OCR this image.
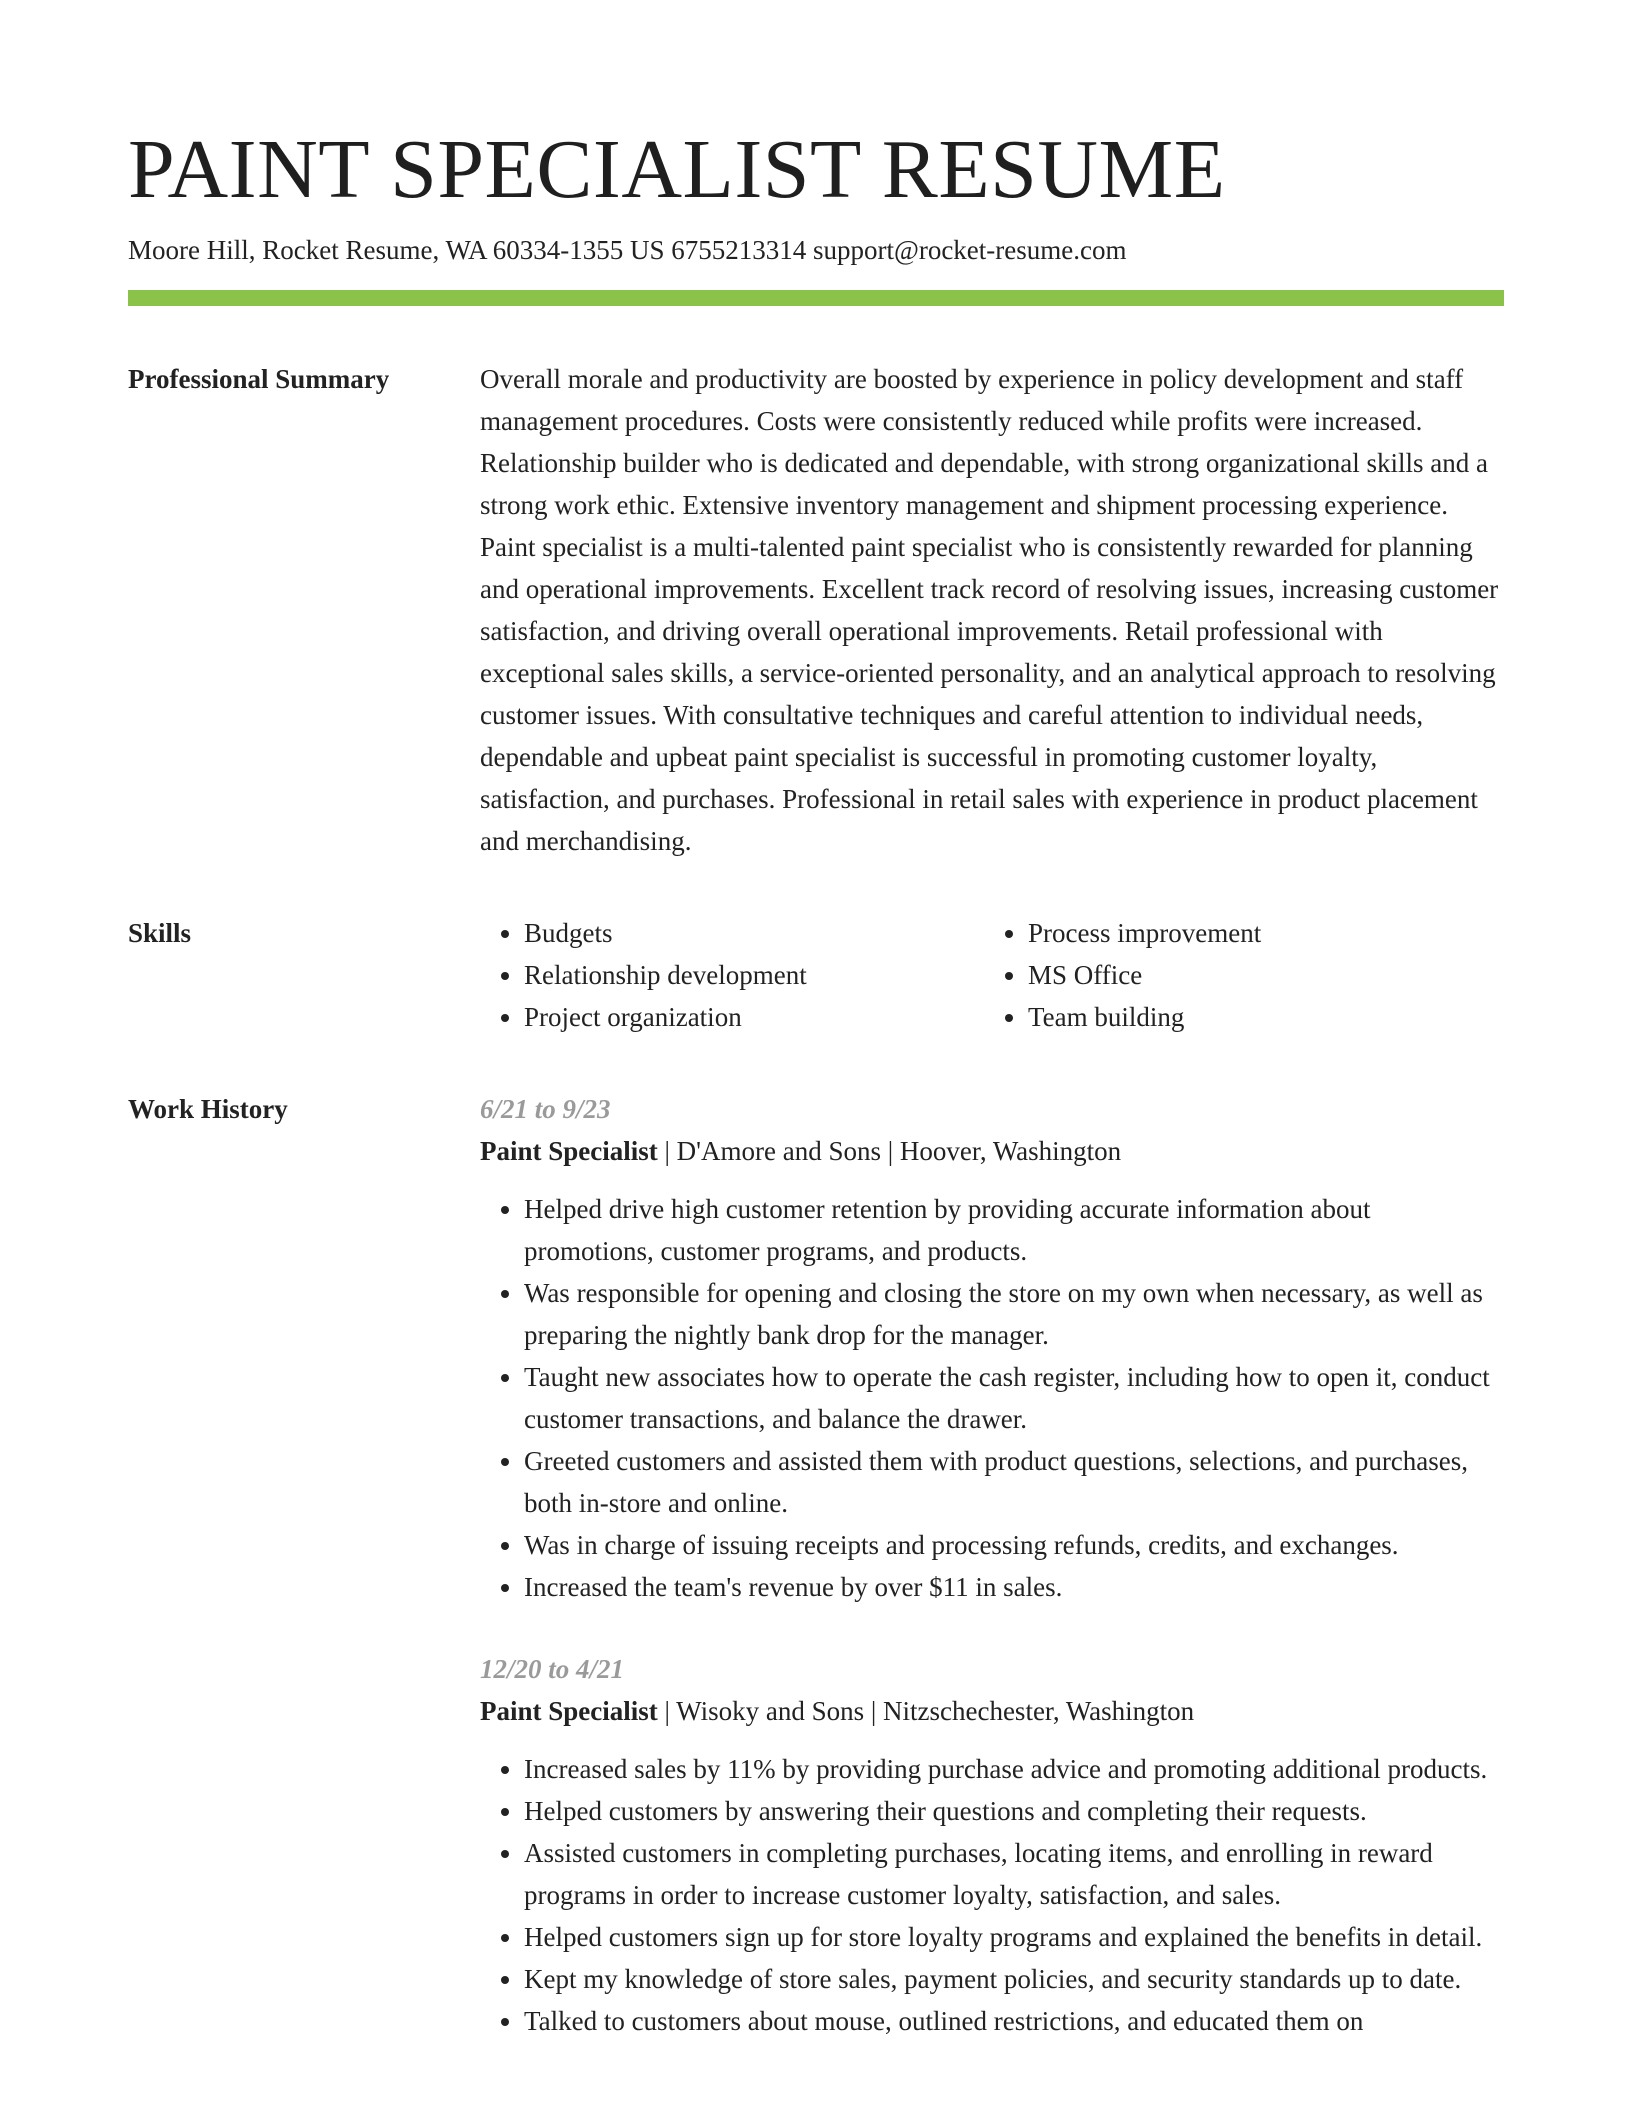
PAINT SPECIALIST RESUME
Moore Hill, Rocket Resume, WA 60334-1355 US 6755213314 support@rocket-resume.com
Professional Summary	Overall morale and productivity are boosted by experience in policy development and staff management procedures. Costs were consistently reduced while profits were increased. Relationship builder who is dedicated and dependable, with strong organizational skills and a strong work ethic. Extensive inventory management and shipment processing experience. Paint specialist is a multi-talented paint specialist who is consistently rewarded for planning and operational improvements. Excellent track record of resolving issues, increasing customer satisfaction, and driving overall operational improvements. Retail professional with exceptional sales skills, a service-oriented personality, and an analytical approach to resolving customer issues. With consultative techniques and careful attention to individual needs, dependable and upbeat paint specialist is successful in promoting customer loyalty, satisfaction, and purchases. Professional in retail sales with experience in product placement and merchandising.

Skills
•	Budgets
• Relationship development
• Project organization
• Process improvement
• MS Office
• Team building
Work History	6/21 to 9/23
Paint Specialist | D'Amore and Sons | Hoover, Washington
• Helped drive high customer retention by providing accurate information about promotions, customer programs, and products.
• Was responsible for opening and closing the store on my own when necessary, as well as preparing the nightly bank drop for the manager.
• Taught new associates how to operate the cash register, including how to open it, conduct customer transactions, and balance the drawer.
• Greeted customers and assisted them with product questions, selections, and purchases, both in-store and online.
• Was in charge of issuing receipts and processing refunds, credits, and exchanges.
• Increased the team's revenue by over $11 in sales.
12/20 to 4/21
Paint Specialist | Wisoky and Sons | Nitzschechester, Washington
• Increased sales by 11% by providing purchase advice and promoting additional products.
• Helped customers by answering their questions and completing their requests.
• Assisted customers in completing purchases, locating items, and enrolling in reward programs in order to increase customer loyalty, satisfaction, and sales.
• Helped customers sign up for store loyalty programs and explained the benefits in detail.
• Kept my knowledge of store sales, payment policies, and security standards up to date.
• Talked to customers about mouse, outlined restrictions, and educated them on
